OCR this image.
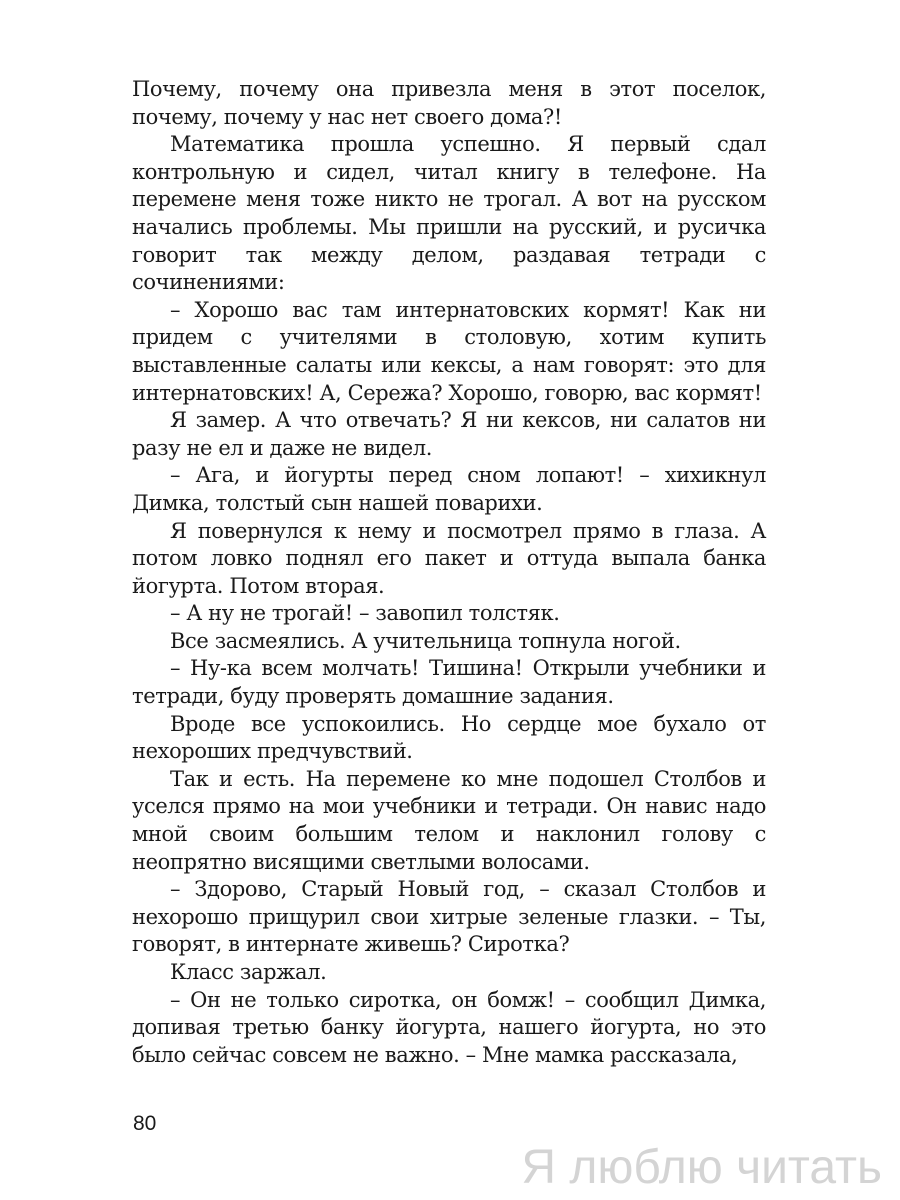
Почему, почему она привезла меня в этот поселок, почему, почему у нас нет своего дома?!

Математика прошла успешно. Я первый сдал контрольную и сидел, читал книгу в телефоне. На перемене меня тоже никто не трогал. А вот на русском начались проблемы. Мы пришли на русский, и русичка говорит так между делом, раздавая тетради с сочинениями:

– Хорошо вас там интернатовских кормят! Как ни придем с учителями в столовую, хотим купить выставленные салаты или кексы, а нам говорят: это для интернатовских! А, Сережа? Хорошо, говорю, вас кормят!

Я замер. А что отвечать? Я ни кексов, ни салатов ни разу не ел и даже не видел.

– Ага, и йогурты перед сном лопают! – хихикнул Димка, толстый сын нашей поварихи.

Я повернулся к нему и посмотрел прямо в глаза. А потом ловко поднял его пакет и оттуда выпала банка йогурта. Потом вторая.

– А ну не трогай! – завопил толстяк.

Все засмеялись. А учительница топнула ногой.

– Ну-ка всем молчать! Тишина! Открыли учебники и тетради, буду проверять домашние задания.

Вроде все успокоились. Но сердце мое бухало от нехороших предчувствий.

Так и есть. На перемене ко мне подошел Столбов и уселся прямо на мои учебники и тетради. Он навис надо мной своим большим телом и наклонил голову с неопрятно висящими светлыми волосами.

– Здорово, Старый Новый год, – сказал Столбов и нехорошо прищурил свои хитрые зеленые глазки. – Ты, говорят, в интернате живешь? Сиротка?

Класс заржал.

– Он не только сиротка, он бомж! – сообщил Димка, допивая третью банку йогурта, нашего йогурта, но это было сейчас совсем не важно. – Мне мамка рассказала,

80
Я люблю читать
